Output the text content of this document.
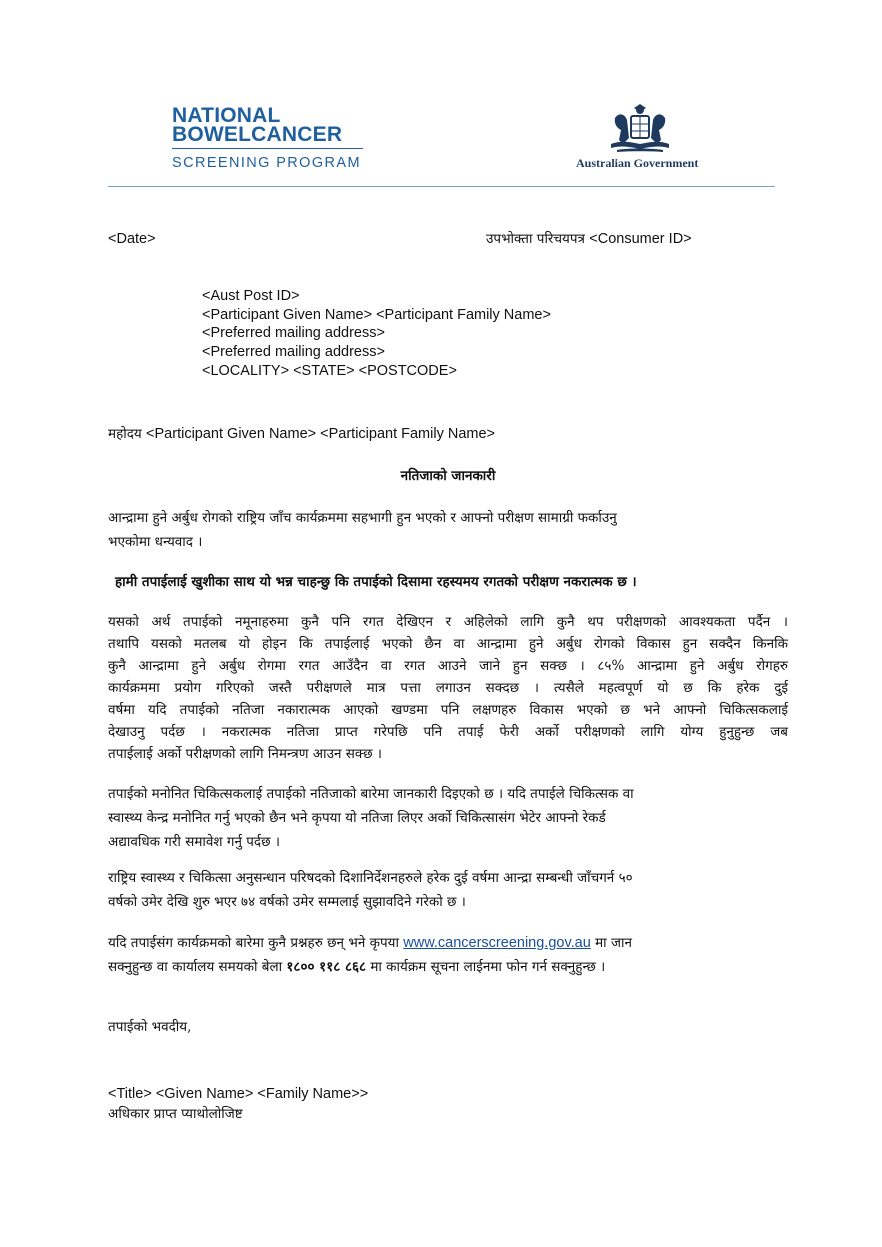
NATIONAL
BOWELCANCER
SCREENING PROGRAM	Australian Government
<Date>	उपभोक्ता परिचयपत्र <Consumer ID>
<Aust Post ID>
<Participant Given Name> <Participant Family Name>
<Preferred mailing address>
<Preferred mailing address>
<LOCALITY> <STATE> <POSTCODE>
महोदय <Participant Given Name> <Participant Family Name>
नतिजाको जानकारी
आन्द्रामा हुने अर्बुध रोगको राष्ट्रिय जाँच कार्यक्रममा सहभागी हुन भएको र आफ्नो परीक्षण सामाग्री फर्काउनु
भएकोमा धन्यवाद ।
हामी तपाईलाई खुशीका साथ यो भन्न चाहन्छु कि तपाईको दिसामा रहस्यमय रगतको परीक्षण नकरात्मक छ ।
यसको अर्थ तपाईको नमूनाहरुमा कुनै पनि रगत देखिएन र अहिलेको लागि कुनै थप परीक्षणको आवश्यकता पर्दैन ।
तथापि यसको मतलब यो होइन कि तपाईलाई भएको छैन वा आन्द्रामा हुने अर्बुध रोगको विकास हुन सक्दैन किनकि
कुनै आन्द्रामा हुने अर्बुध रोगमा रगत आउँदैन वा रगत आउने जाने हुन सक्छ । ८५% आन्द्रामा हुने अर्बुध रोगहरु
कार्यक्रममा प्रयोग गरिएको जस्तै परीक्षणले मात्र पत्ता लगाउन सक्दछ । त्यसैले महत्वपूर्ण यो छ कि हरेक दुई
वर्षमा यदि तपाईको नतिजा नकारात्मक आएको खण्डमा पनि लक्षणहरु विकास भएको छ भने आफ्नो चिकित्सकलाई
देखाउनु पर्दछ । नकरात्मक नतिजा प्राप्त गरेपछि पनि तपाई फेरी अर्को परीक्षणको लागि योग्य हुनुहुन्छ जब
तपाईलाई अर्को परीक्षणको लागि निमन्त्रण आउन सक्छ ।
तपाईको मनोनित चिकित्सकलाई तपाईको नतिजाको बारेमा जानकारी दिइएको छ । यदि तपाईले चिकित्सक वा
स्वास्थ्य केन्द्र मनोनित गर्नु भएको छैन भने कृपया यो नतिजा लिएर अर्को चिकित्सासंग भेटेर आफ्नो रेकर्ड
अद्यावधिक गरी समावेश गर्नु पर्दछ ।
राष्ट्रिय स्वास्थ्य र चिकित्सा अनुसन्धान परिषदको दिशानिर्देशनहरुले हरेक दुई वर्षमा आन्द्रा सम्बन्धी जाँचगर्न ५०
वर्षको उमेर देखि शुरु भएर ७४ वर्षको उमेर सम्मलाई सुझावदिने गरेको छ ।
यदि तपाईसंग कार्यक्रमको बारेमा कुनै प्रश्नहरु छन् भने कृपया www.cancerscreening.gov.au मा जान
सक्नुहुन्छ वा कार्यालय समयको बेला १८०० ११८ ८६८ मा कार्यक्रम सूचना लाईनमा फोन गर्न सक्नुहुन्छ ।
तपाईको भवदीय,
<Title> <Given Name> <Family Name>>
अधिकार प्राप्त प्याथोलोजिष्ट
